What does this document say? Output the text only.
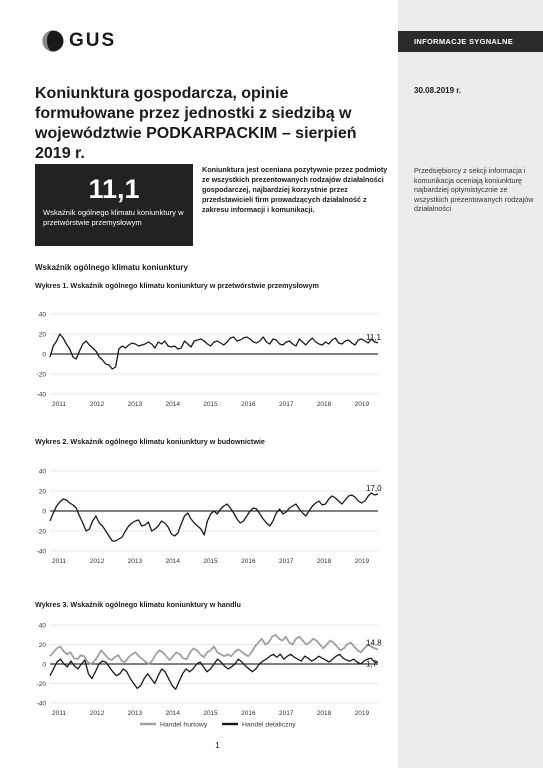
INFORMACJE SYGNALNE
30.08.2019 r.
Przedsiębiorcy z sekcji informacja i komunikacja oceniają koniunkturę najbardziej optymistycznie ze wszystkich prezentowanych rodzajów działalności
GUS
Koniunktura gospodarcza, opinie formułowane przez jednostki z siedzibą w województwie PODKARPACKIM – sierpień 2019 r.
11,1
Wskaźnik ogólnego klimatu koniunktury w przetwórstwie przemysłowym
Koniunktura jest oceniana pozytywnie przez podmioty ze wszystkich prezentowanych rodzajów działalności gospodarczej, najbardziej korzystnie przez przedstawicieli firm prowadzących działalność z zakresu informacji i komunikacji.
Wskaźnik ogólnego klimatu koniunktury
Wykres 1. Wskaźnik ogólnego klimatu koniunktury w przetwórstwie przemysłowym
-40
-20
0
20
40
2011	2012	2013	2014	2015	2016	2017	2018	2019
11,1
Wykres 2. Wskaźnik ogólnego klimatu koniunktury w budownictwie
-40
-20
0
20
40
2011	2012	2013	2014	2015	2016	2017	2018	2019
17,0
Wykres 3. Wskaźnik ogólnego klimatu koniunktury w handlu
-40
-20
0
20
40
2011	2012	2013	2014	2015	2016	2017	2018	2019
1,7
14,8
Handel hurtowy	Handel detaliczny
1
